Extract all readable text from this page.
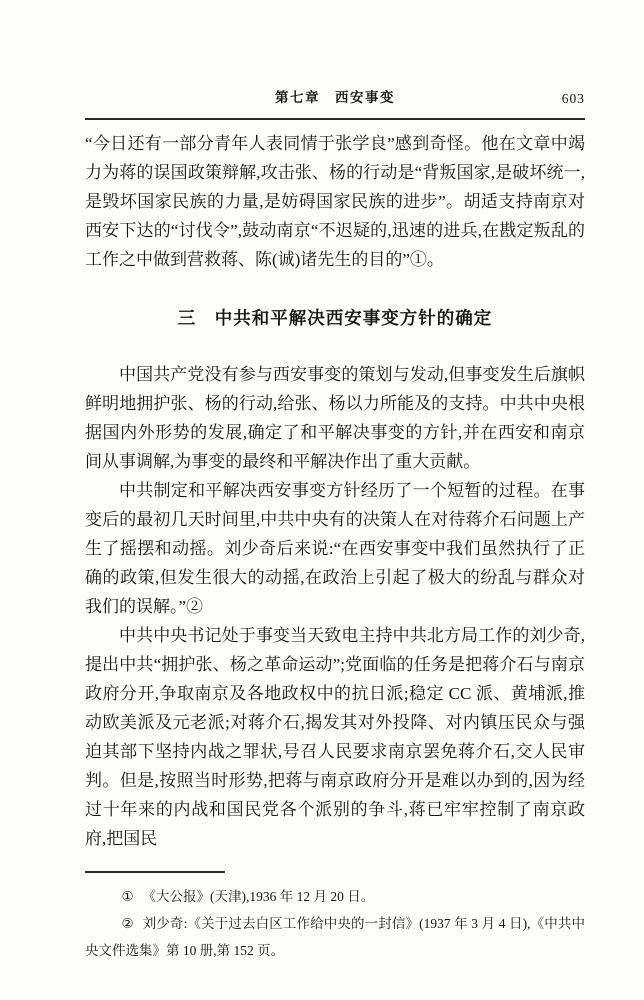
第七章　西安事变	603

“今日还有一部分青年人表同情于张学良”感到奇怪。他在文章中竭力为蒋的误国政策辩解,攻击张、杨的行动是“背叛国家,是破坏统一,是毁坏国家民族的力量,是妨碍国家民族的进步”。胡适支持南京对西安下达的“讨伐令”,鼓动南京“不迟疑的,迅速的进兵,在戡定叛乱的工作之中做到营救蒋、陈(诚)诸先生的目的”①。

三　中共和平解决西安事变方针的确定

中国共产党没有参与西安事变的策划与发动,但事变发生后旗帜鲜明地拥护张、杨的行动,给张、杨以力所能及的支持。中共中央根据国内外形势的发展,确定了和平解决事变的方针,并在西安和南京间从事调解,为事变的最终和平解决作出了重大贡献。

中共制定和平解决西安事变方针经历了一个短暂的过程。在事变后的最初几天时间里,中共中央有的决策人在对待蒋介石问题上产生了摇摆和动摇。刘少奇后来说:“在西安事变中我们虽然执行了正确的政策,但发生很大的动摇,在政治上引起了极大的纷乱与群众对我们的误解。”②

中共中央书记处于事变当天致电主持中共北方局工作的刘少奇,提出中共“拥护张、杨之革命运动”;党面临的任务是把蒋介石与南京政府分开,争取南京及各地政权中的抗日派;稳定 CC 派、黄埔派,推动欧美派及元老派;对蒋介石,揭发其对外投降、对内镇压民众与强迫其部下坚持内战之罪状,号召人民要求南京罢免蒋介石,交人民审判。但是,按照当时形势,把蒋与南京政府分开是难以办到的,因为经过十年来的内战和国民党各个派别的争斗,蒋已牢牢控制了南京政府,把国民

① 《大公报》(天津),1936 年 12 月 20 日。

② 刘少奇:《关于过去白区工作给中央的一封信》(1937 年 3 月 4 日),《中共中央文件选集》第 10 册,第 152 页。
